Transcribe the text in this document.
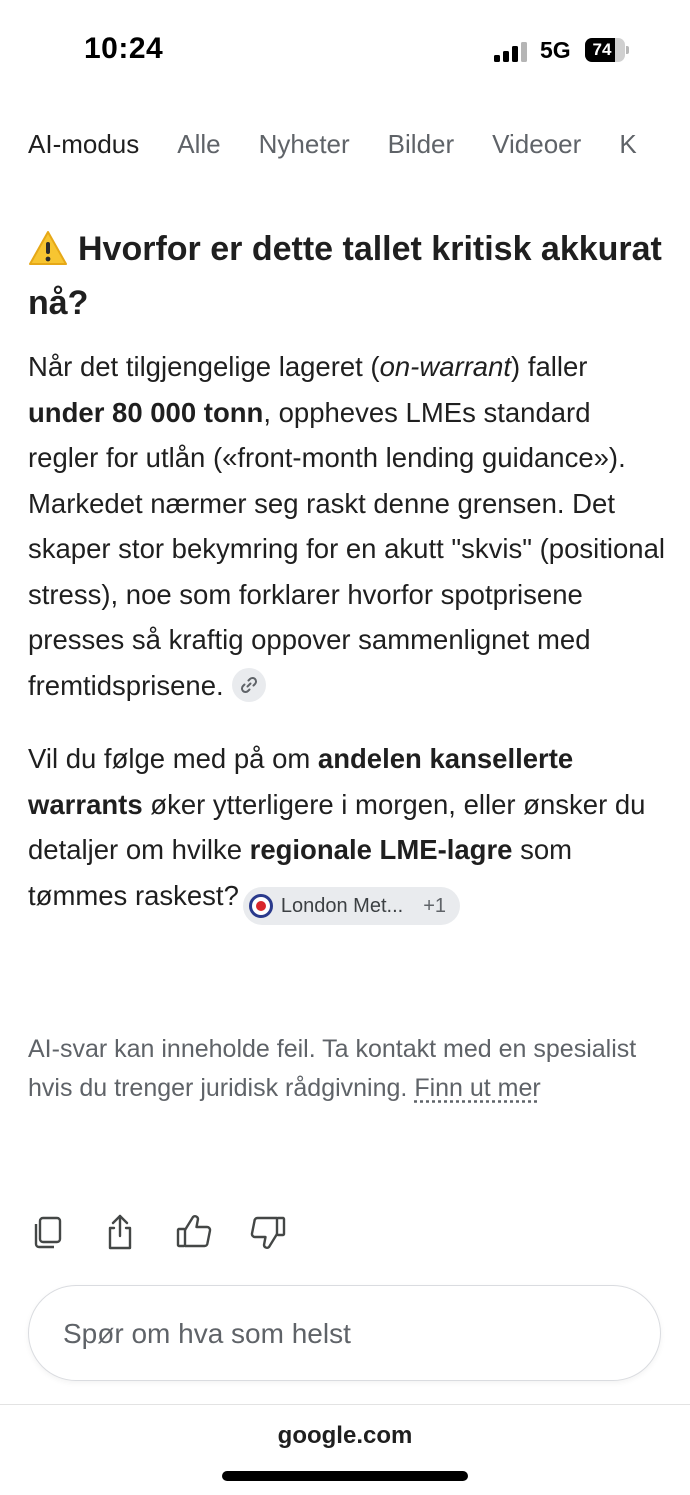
10:24	5G	74
AI-modus Alle Nyheter Bilder Videoer K
Hvorfor er dette tallet kritisk akkurat nå?

Når det tilgjengelige lageret (on-warrant) faller under 80 000 tonn, oppheves LMEs standard regler for utlån («front-month lending guidance»). Markedet nærmer seg raskt denne grensen. Det skaper stor bekymring for en akutt "skvis" (positional stress), noe som forklarer hvorfor spotprisene presses så kraftig oppover sammenlignet med fremtidsprisene.

Vil du følge med på om andelen kansellerte warrants øker ytterligere i morgen, eller ønsker du detaljer om hvilke regionale LME-lagre som tømmes raskest? London Met... +1

AI-svar kan inneholde feil. Ta kontakt med en spesialist hvis du trenger juridisk rådgivning. Finn ut mer
Spør om hva som helst
google.com
